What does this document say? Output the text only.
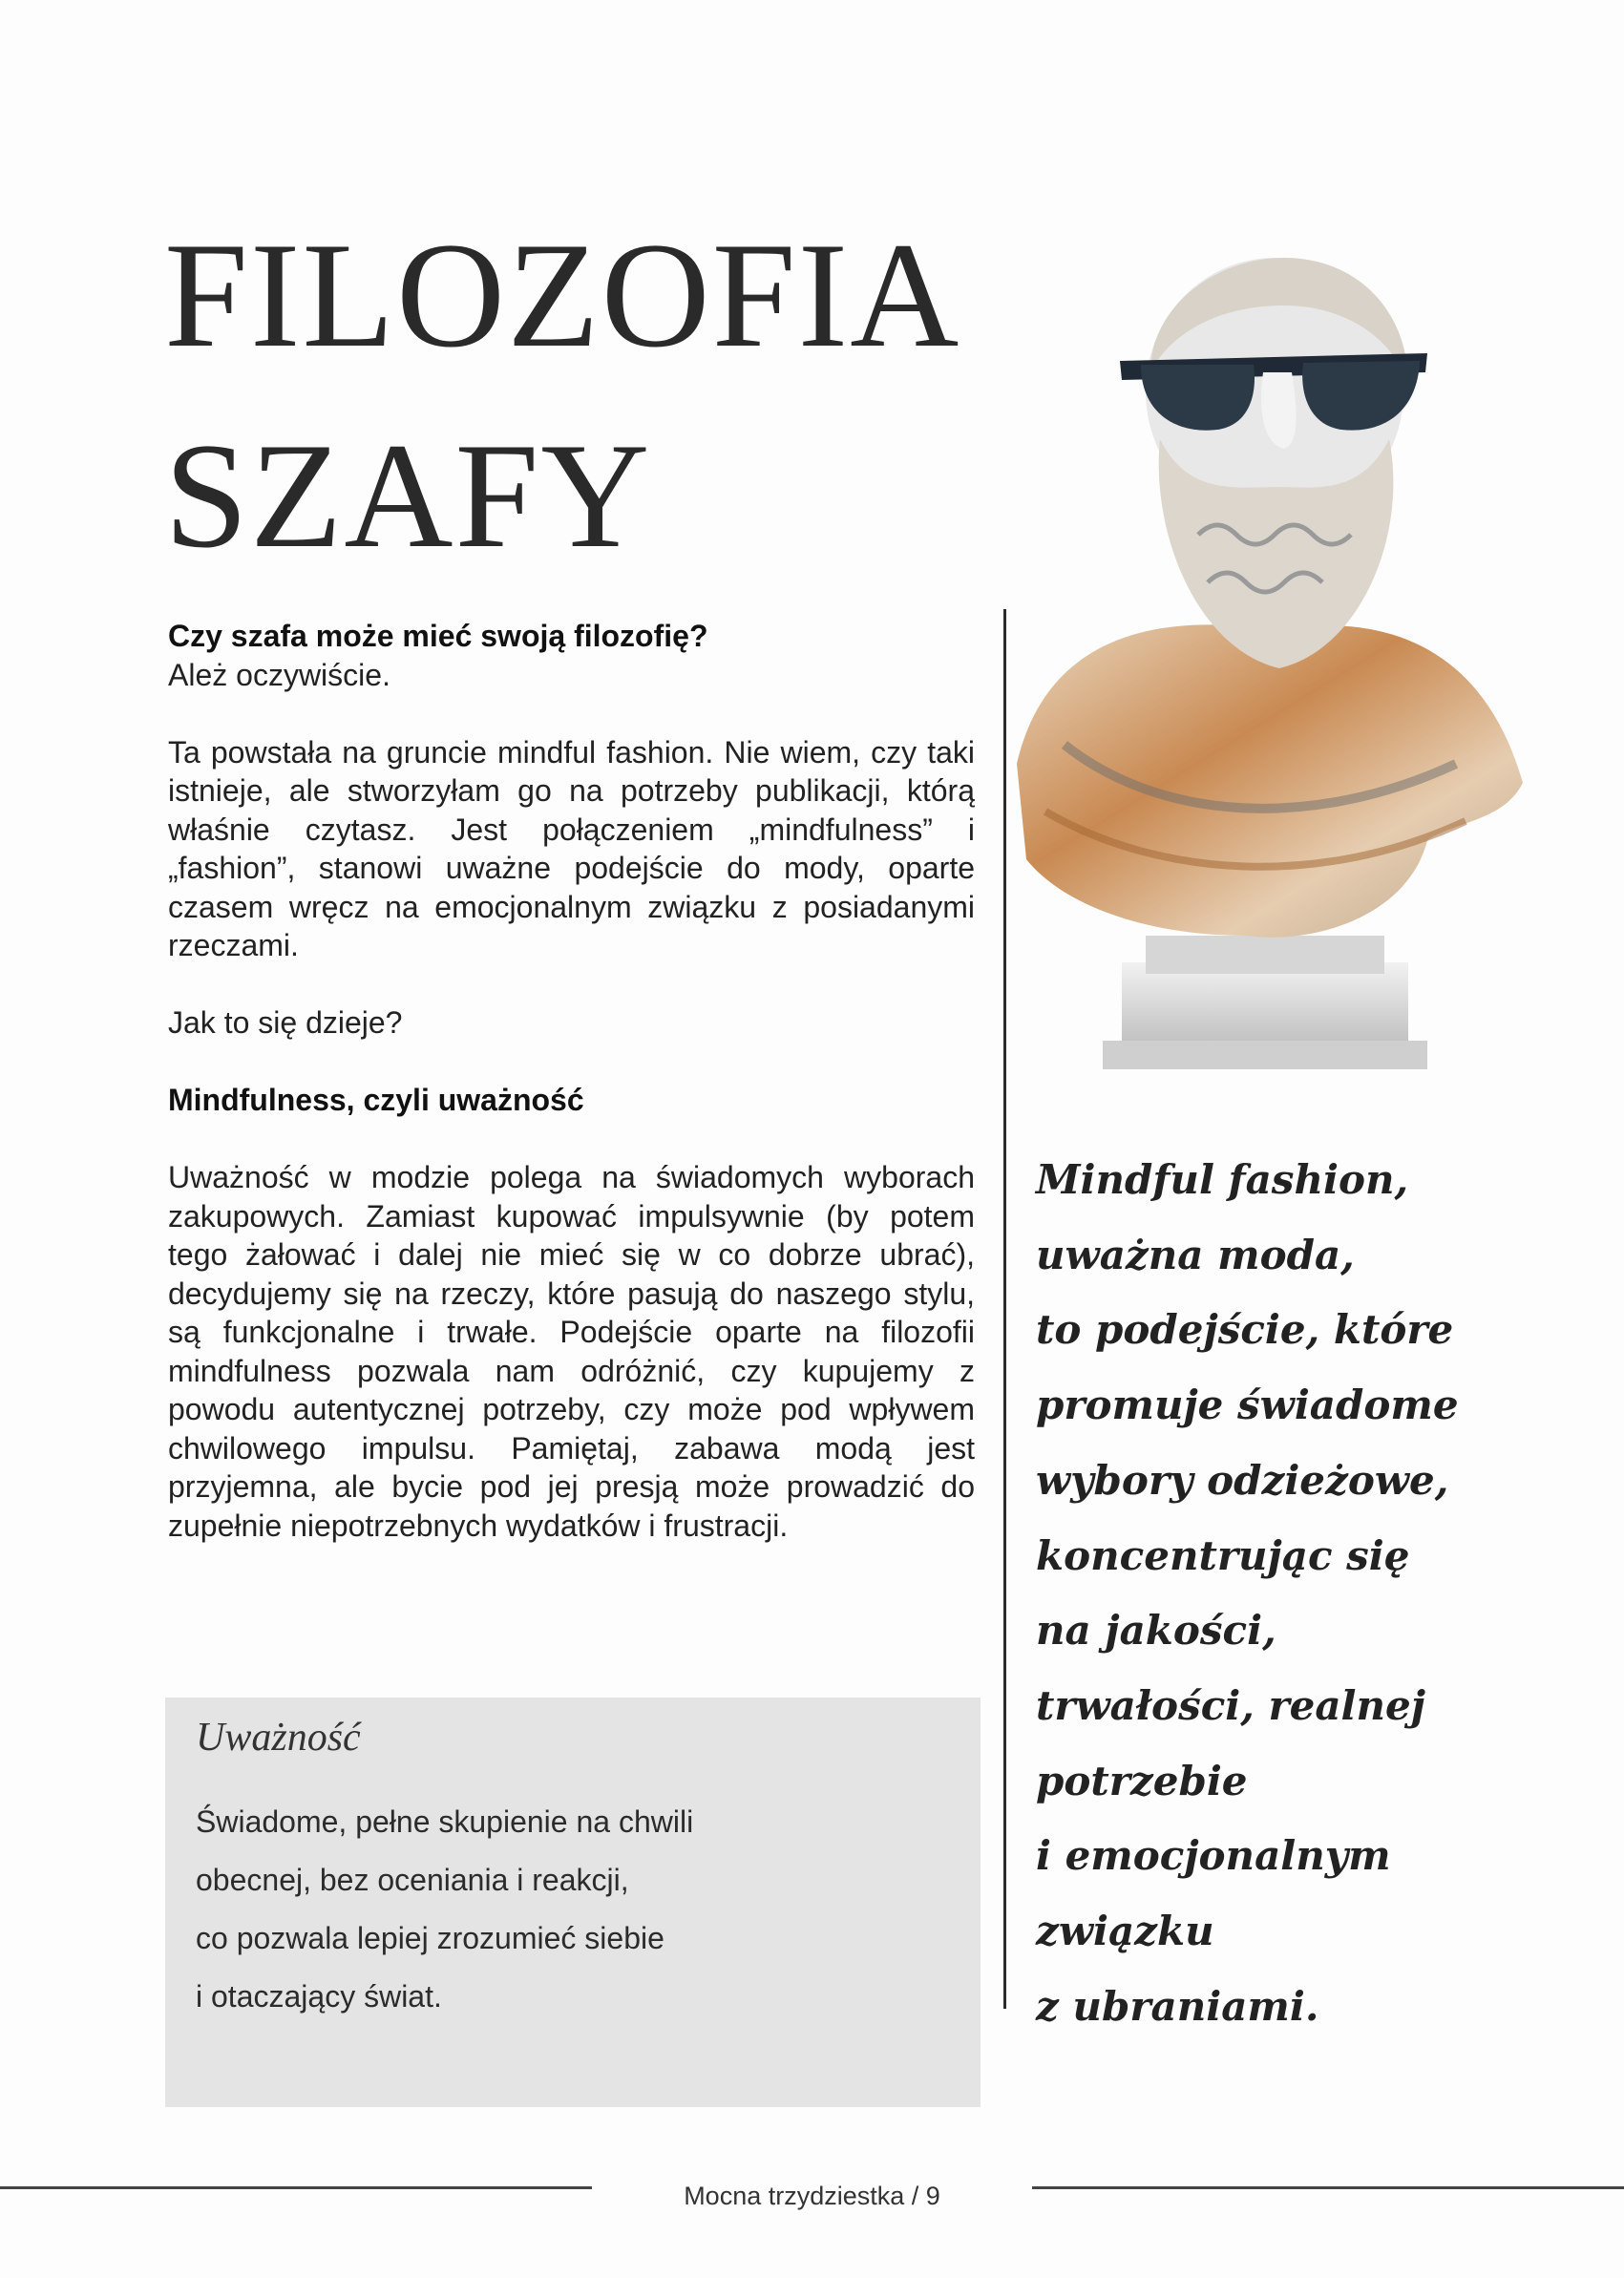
FILOZOFIA
SZAFY

Czy szafa może mieć swoją filozofię?

Ależ oczywiście.

Ta powstała na gruncie mindful fashion. Nie wiem, czy taki istnieje, ale stworzyłam go na potrzeby publikacji, którą właśnie czytasz. Jest połączeniem „mindfulness” i „fashion”, stanowi uważne podejście do mody, oparte czasem wręcz na emocjonalnym związku z posiadanymi rzeczami.

Jak to się dzieje?

Mindfulness, czyli uważność

Uważność w modzie polega na świadomych wyborach zakupowych. Zamiast kupować impulsywnie (by potem tego żałować i dalej nie mieć się w co dobrze ubrać), decydujemy się na rzeczy, które pasują do naszego stylu, są funkcjonalne i trwałe. Podejście oparte na filozofii mindfulness pozwala nam odróżnić, czy kupujemy z powodu autentycznej potrzeby, czy może pod wpływem chwilowego impulsu. Pamiętaj, zabawa modą jest przyjemna, ale bycie pod jej presją może prowadzić do zupełnie niepotrzebnych wydatków i frustracji.

Uważność
Świadome, pełne skupienie na chwili
obecnej, bez oceniania i reakcji,
co pozwala lepiej zrozumieć siebie
i otaczający świat.
Mindful fashion,
uważna moda,
to podejście, które
promuje świadome
wybory odzieżowe,
koncentrując się
na jakości,
trwałości, realnej
potrzebie
i emocjonalnym
związku
z ubraniami.
Mocna trzydziestka / 9
